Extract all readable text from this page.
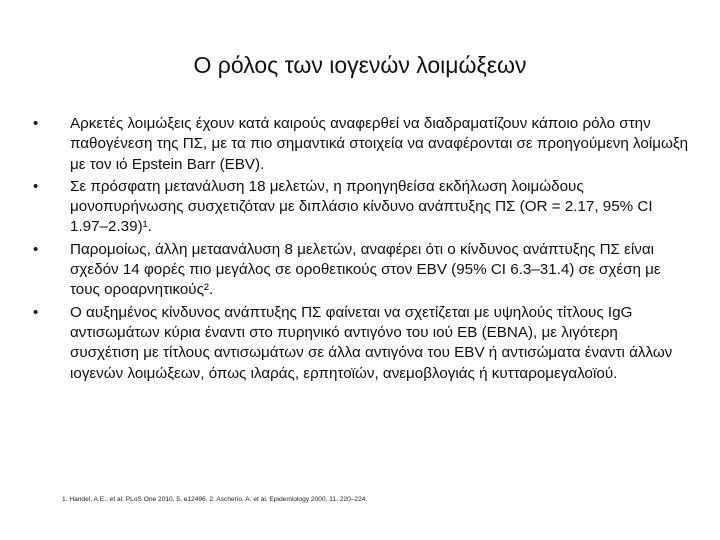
Ο ρόλος των ιογενών λοιμώξεων
• Αρκετές λοιμώξεις έχουν κατά καιρούς αναφερθεί να διαδραματίζουν κάποιο ρόλο στην παθογένεση της ΠΣ, με τα πιο σημαντικά στοιχεία να αναφέρονται σε προηγούμενη λοίμωξη με τον ιό Epstein Barr (EBV).
• Σε πρόσφατη μετανάλυση 18 μελετών, η προηγηθείσα εκδήλωση λοιμώδους μονοπυρήνωσης συσχετιζόταν με διπλάσιο κίνδυνο ανάπτυξης ΠΣ (OR = 2.17, 95% CI 1.97–2.39)¹.
• Παρομοίως, άλλη μεταανάλυση 8 μελετών, αναφέρει ότι ο κίνδυνος ανάπτυξης ΠΣ είναι σχεδόν 14 φορές πιο μεγάλος σε οροθετικούς στον EBV (95% CI 6.3–31.4) σε σχέση με τους οροαρνητικούς².
• Ο αυξημένος κίνδυνος ανάπτυξης ΠΣ φαίνεται να σχετίζεται με υψηλούς τίτλους IgG αντισωμάτων κύρια έναντι στο πυρηνικό αντιγόνο του ιού ΕΒ (EBNA), με λιγότερη συσχέτιση με τίτλους αντισωμάτων σε άλλα αντιγόνα του EBV ή αντισώματα έναντι άλλων ιογενών λοιμώξεων, όπως ιλαράς, ερπητοϊών, ανεμοβλογιάς ή κυτταρομεγαλοϊού.

1. Handel, A.E., et al. PLoS One 2010, 5, e12496. 2. Ascherio, A. et al. Epidemiology 2000, 11, 220–224.
